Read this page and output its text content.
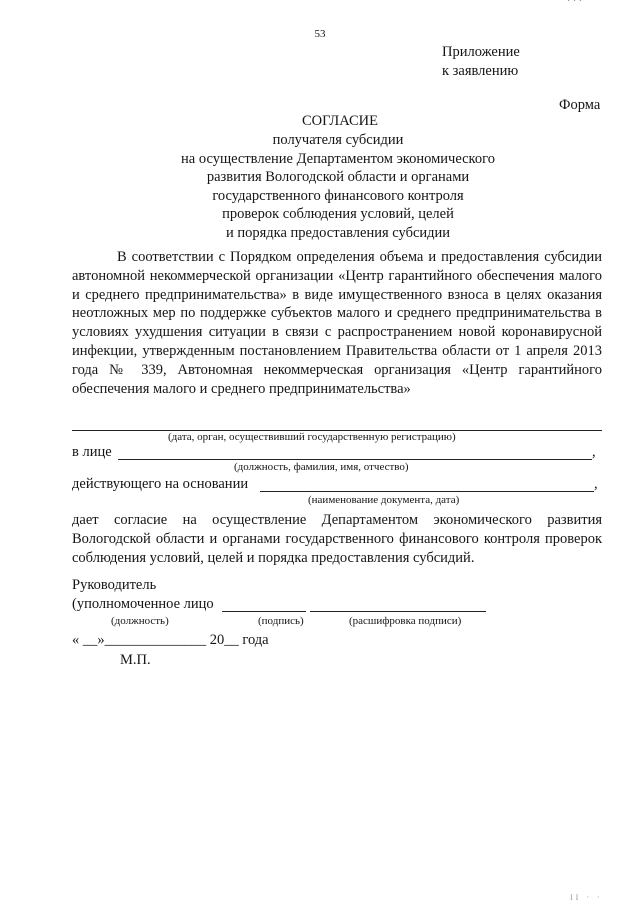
· · ·
53
Приложение
к заявлению
Форма
СОГЛАСИЕ
получателя субсидии
на осуществление Департаментом экономического
развития Вологодской области и органами
государственного финансового контроля
проверок соблюдения условий, целей
и порядка предоставления субсидии
В соответствии с Порядком определения объема и предоставления субсидии автономной некоммерческой организации «Центр гарантийного обеспечения малого и среднего предпринимательства» в виде имущественного взноса в целях оказания неотложных мер по поддержке субъектов малого и среднего предпринимательства в условиях ухудшения ситуации в связи с распространением новой коронавирусной инфекции, утвержденным постановлением Правительства области от 1 апреля 2013 года № 339, Автономная некоммерческая организация «Центр гарантийного обеспечения малого и среднего предпринимательства»
(дата, орган, осуществивший государственную регистрацию)
в лице	,
(должность, фамилия, имя, отчество)
действующего на основании	,
(наименование документа, дата)
дает согласие на осуществление Департаментом экономического развития Вологодской области и органами государственного финансового контроля проверок соблюдения условий, целей и порядка предоставления субсидий.
Руководитель
(уполномоченное лицо
(должность)	(подпись)	(расшифровка подписи)
« __»______________ 20__ года
М.П.
II · ·
